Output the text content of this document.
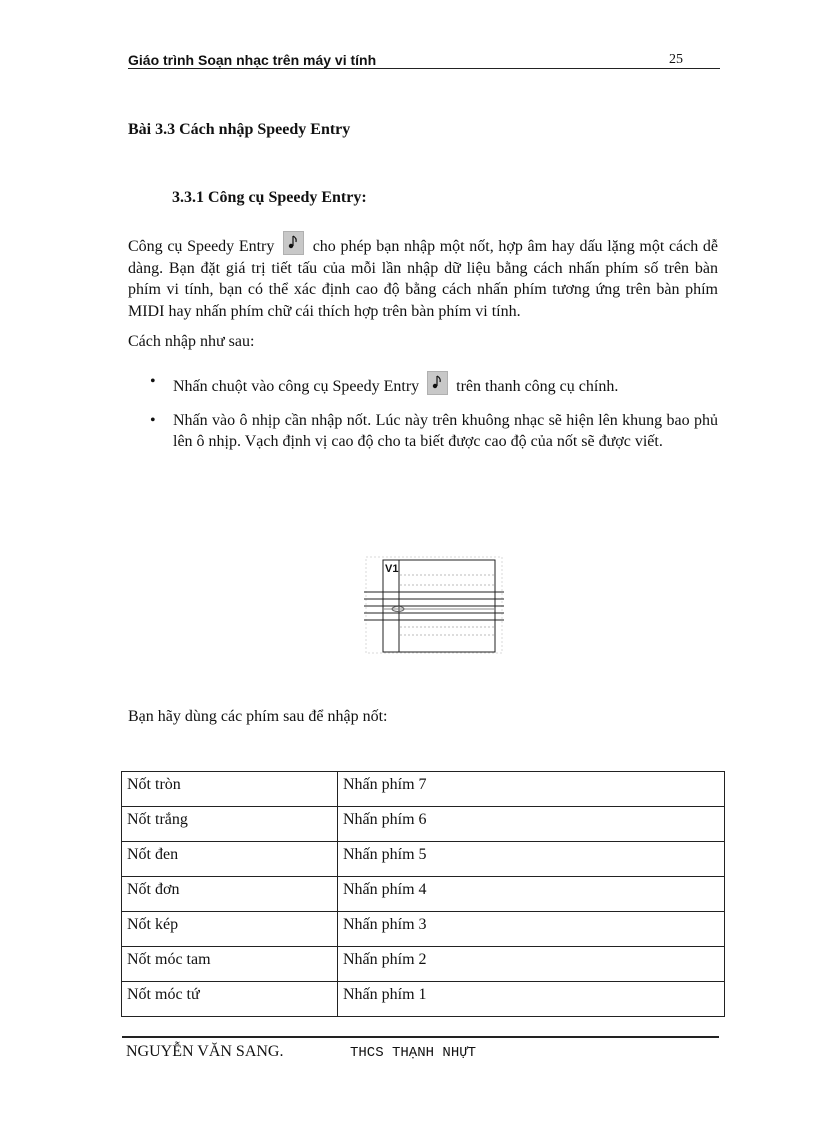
Giáo trình Soạn nhạc trên máy vi tính	25
Bài 3.3 Cách nhập Speedy Entry
3.3.1 Công cụ Speedy Entry:
Công cụ Speedy Entry cho phép bạn nhập một nốt, hợp âm hay dấu lặng một cách dễ dàng. Bạn đặt giá trị tiết tấu của mỗi lần nhập dữ liệu bằng cách nhấn phím số trên bàn phím vi tính, bạn có thể xác định cao độ bằng cách nhấn phím tương ứng trên bàn phím MIDI hay nhấn phím chữ cái thích hợp trên bàn phím vi tính.
Cách nhập như sau:
• Nhấn chuột vào công cụ Speedy Entry trên thanh công cụ chính.
• Nhấn vào ô nhịp cần nhập nốt. Lúc này trên khuông nhạc sẽ hiện lên khung bao phủ lên ô nhịp. Vạch định vị cao độ cho ta biết được cao độ của nốt sẽ được viết.
V1
Bạn hãy dùng các phím sau để nhập nốt:
Nốt tròn	Nhấn phím 7
Nốt trắng	Nhấn phím 6
Nốt đen	Nhấn phím 5
Nốt đơn	Nhấn phím 4
Nốt kép	Nhấn phím 3
Nốt móc tam	Nhấn phím 2
Nốt móc tứ	Nhấn phím 1
NGUYỄN VĂN SANG.	THCS THẠNH NHỰT
